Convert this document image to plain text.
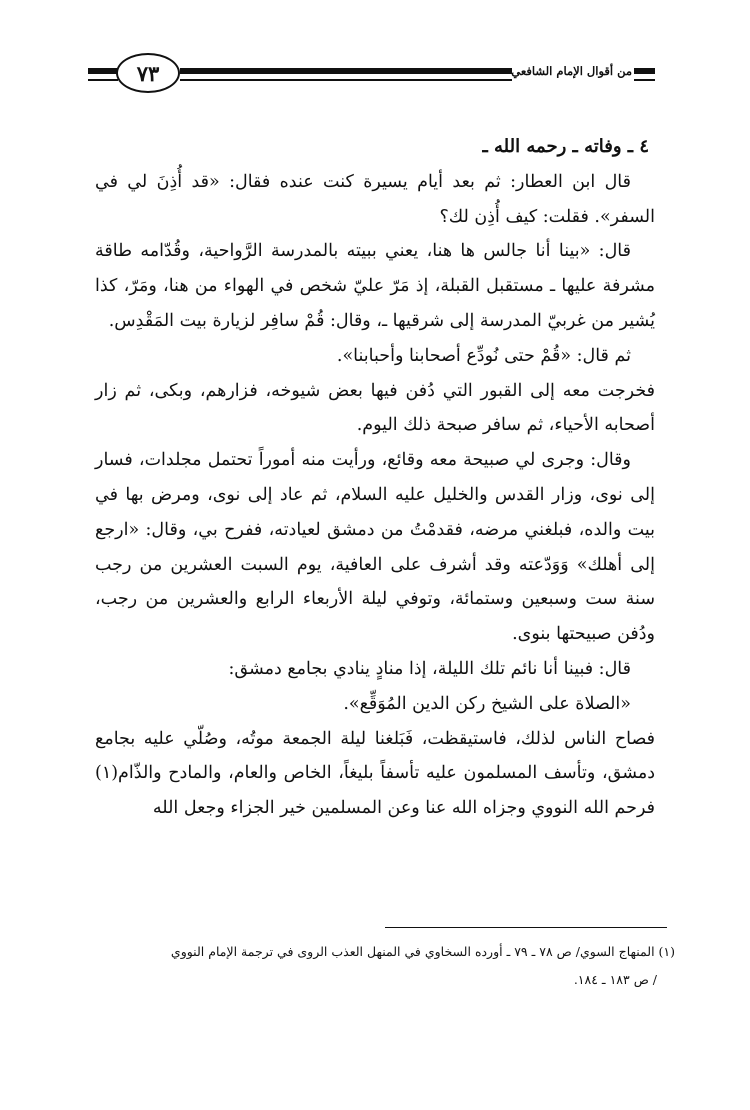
٧٣	من أقوال الإمام الشافعي

٤ ـ وفاته ـ رحمه الله ـ

قال ابن العطار: ثم بعد أيام يسيرة كنت عنده فقال: «قد أُذِنَ لي في السفر». فقلت: كيف أُذِن لك؟

قال: «بينا أنا جالس ها هنا، يعني ببيته بالمدرسة الرَّواحية، وقُدّامه طاقة مشرفة عليها ـ مستقبل القبلة، إذ مَرّ عليّ شخص في الهواء من هنا، ومَرّ، كذا يُشير من غربيّ المدرسة إلى شرقيها ـ، وقال: قُمْ سافِر لزيارة بيت المَقْدِس.

ثم قال: «قُمْ حتى نُودِّع أصحابنا وأحبابنا».

فخرجت معه إلى القبور التي دُفن فيها بعض شيوخه، فزارهم، وبكى، ثم زار أصحابه الأحياء، ثم سافر صبحة ذلك اليوم.

وقال: وجرى لي صبيحة معه وقائع، ورأيت منه أموراً تحتمل مجلدات، فسار إلى نوى، وزار القدس والخليل عليه السلام، ثم عاد إلى نوى، ومرض بها في بيت والده، فبلغني مرضه، فقدمْتُ من دمشق لعيادته، ففرح بي، وقال: «ارجع إلى أهلك» وَوَدّعته وقد أشرف على العافية، يوم السبت العشرين من رجب سنة ست وسبعين وستمائة، وتوفي ليلة الأربعاء الرابع والعشرين من رجب، ودُفن صبيحتها بنوى.

قال: فبينا أنا نائم تلك الليلة، إذا منادٍ ينادي بجامع دمشق:

«الصلاة على الشيخ ركن الدين المُوَقِّع».

فصاح الناس لذلك، فاستيقظت، فَبَلغنا ليلة الجمعة موتُه، وصُلّي عليه بجامع دمشق، وتأسف المسلمون عليه تأسفاً بليغاً، الخاص والعام، والمادح والذّام(١) فرحم الله النووي وجزاه الله عنا وعن المسلمين خير الجزاء وجعل الله

(١) المنهاج السوي/ ص ٧٨ ـ ٧٩ ـ أورده السخاوي في المنهل العذب الروى في ترجمة الإمام النووي

/ ص ١٨٣ ـ ١٨٤.
